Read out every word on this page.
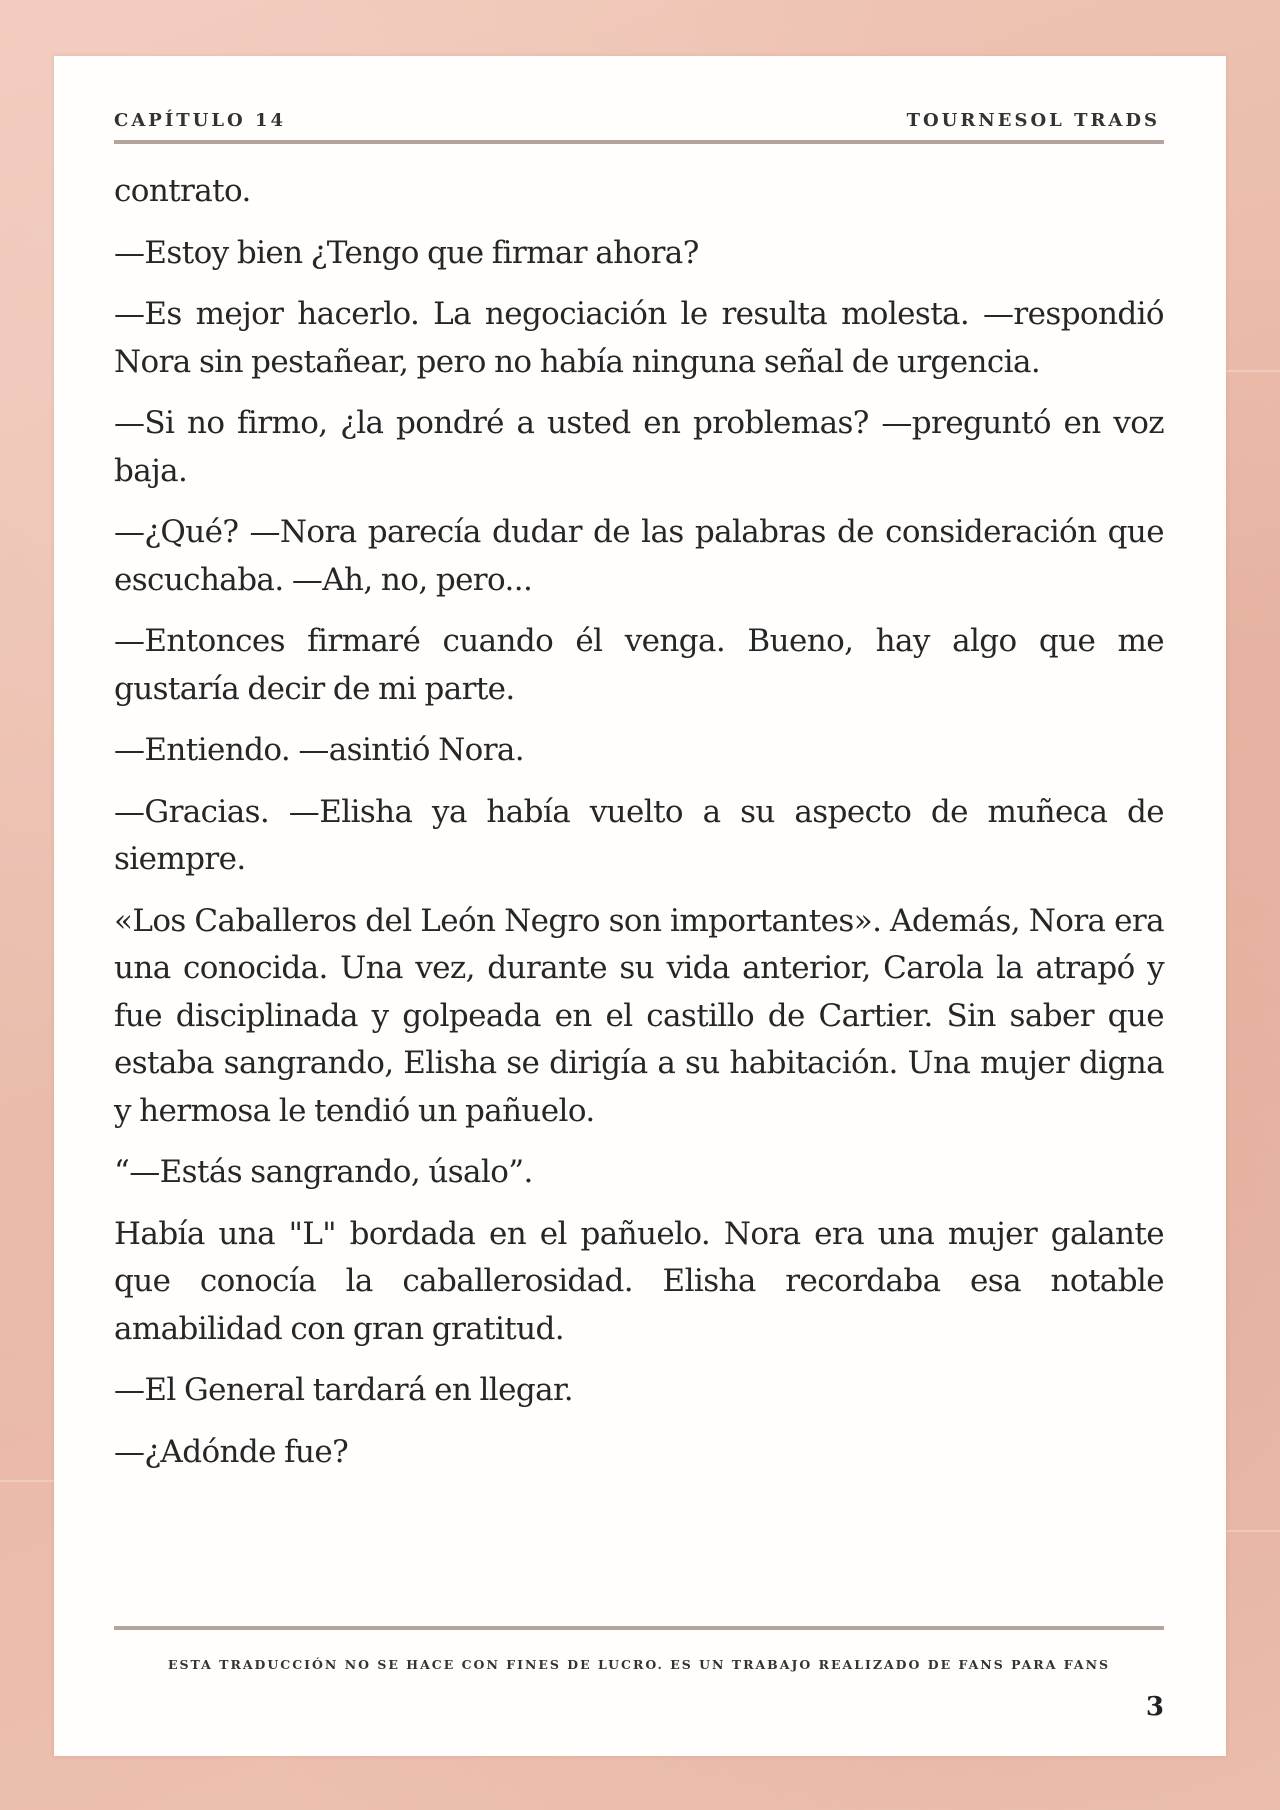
CAPÍTULO 14	TOURNESOL TRADS

contrato.

—Estoy bien ¿Tengo que firmar ahora?

—Es mejor hacerlo. La negociación le resulta molesta. —respondió Nora sin pestañear, pero no había ninguna señal de urgencia.

—Si no firmo, ¿la pondré a usted en problemas? —preguntó en voz baja.

—¿Qué? —Nora parecía dudar de las palabras de consideración que escuchaba. —Ah, no, pero...

—Entonces firmaré cuando él venga. Bueno, hay algo que me gustaría decir de mi parte.

—Entiendo. —asintió Nora.

—Gracias. —Elisha ya había vuelto a su aspecto de muñeca de siempre.

«Los Caballeros del León Negro son importantes». Además, Nora era una conocida. Una vez, durante su vida anterior, Carola la atrapó y fue disciplinada y golpeada en el castillo de Cartier. Sin saber que estaba sangrando, Elisha se dirigía a su habitación. Una mujer digna y hermosa le tendió un pañuelo.

“—Estás sangrando, úsalo”.

Había una "L" bordada en el pañuelo. Nora era una mujer galante que conocía la caballerosidad. Elisha recordaba esa notable amabilidad con gran gratitud.

—El General tardará en llegar.

—¿Adónde fue?

ESTA TRADUCCIÓN NO SE HACE CON FINES DE LUCRO. ES UN TRABAJO REALIZADO DE FANS PARA FANS
3
